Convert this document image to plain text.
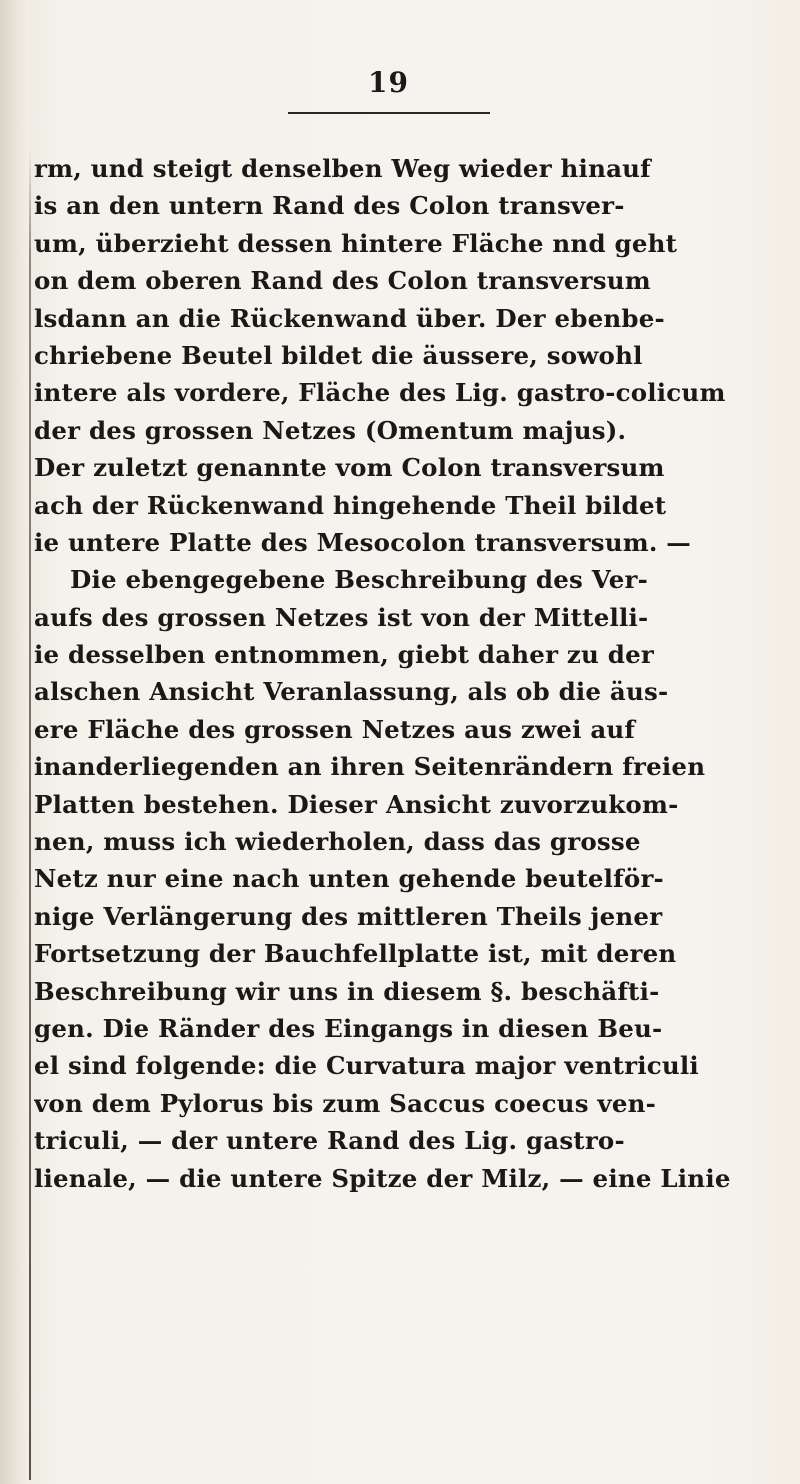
19
rm, und steigt denselben Weg wieder hinauf
is an den untern Rand des Colon transver-
um, überzieht dessen hintere Fläche nnd geht
on dem oberen Rand des Colon transversum
lsdann an die Rückenwand über. Der ebenbe-
chriebene Beutel bildet die äussere, sowohl
intere als vordere, Fläche des Lig. gastro-colicum
der des grossen Netzes (Omentum majus).
Der zuletzt genannte vom Colon transversum
ach der Rückenwand hingehende Theil bildet
ie untere Platte des Mesocolon transversum. —
Die ebengegebene Beschreibung des Ver-
aufs des grossen Netzes ist von der Mittelli-
ie desselben entnommen, giebt daher zu der
alschen Ansicht Veranlassung, als ob die äus-
ere Fläche des grossen Netzes aus zwei auf
inanderliegenden an ihren Seitenrändern freien
Platten bestehen. Dieser Ansicht zuvorzukom-
nen, muss ich wiederholen, dass das grosse
Netz nur eine nach unten gehende beutelför-
nige Verlängerung des mittleren Theils jener
Fortsetzung der Bauchfellplatte ist, mit deren
Beschreibung wir uns in diesem §. beschäfti-
gen. Die Ränder des Eingangs in diesen Beu-
el sind folgende: die Curvatura major ventriculi
von dem Pylorus bis zum Saccus coecus ven-
triculi, — der untere Rand des Lig. gastro-
lienale, — die untere Spitze der Milz, — eine Linie
